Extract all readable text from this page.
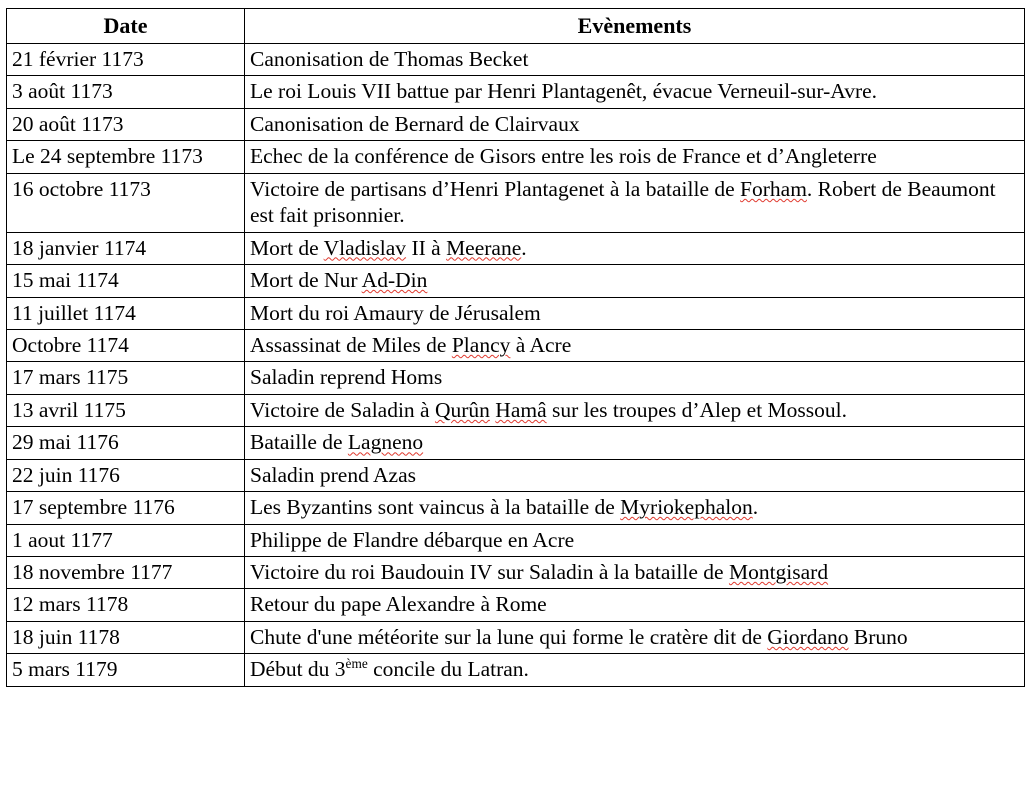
Date	Evènements
21 février 1173	Canonisation de Thomas Becket
3 août 1173	Le roi Louis VII battue par Henri Plantagenêt, évacue Verneuil-sur-Avre.
20 août 1173	Canonisation de Bernard de Clairvaux
Le 24 septembre 1173	Echec de la conférence de Gisors entre les rois de France et d’Angleterre
16 octobre 1173	Victoire de partisans d’Henri Plantagenet à la bataille de Forham. Robert de Beaumont est fait prisonnier.
18 janvier 1174	Mort de Vladislav II à Meerane.
15 mai 1174	Mort de Nur Ad-Din
11 juillet 1174	Mort du roi Amaury de Jérusalem
Octobre 1174	Assassinat de Miles de Plancy à Acre
17 mars 1175	Saladin reprend Homs
13 avril 1175	Victoire de Saladin à Qurûn Hamâ sur les troupes d’Alep et Mossoul.
29 mai 1176	Bataille de Lagneno
22 juin 1176	Saladin prend Azas
17 septembre 1176	Les Byzantins sont vaincus à la bataille de Myriokephalon.
1 aout 1177	Philippe de Flandre débarque en Acre
18 novembre 1177	Victoire du roi Baudouin IV sur Saladin à la bataille de Montgisard
12 mars 1178	Retour du pape Alexandre à Rome
18 juin 1178	Chute d'une météorite sur la lune qui forme le cratère dit de Giordano Bruno
5 mars 1179	Début du 3ème concile du Latran.
